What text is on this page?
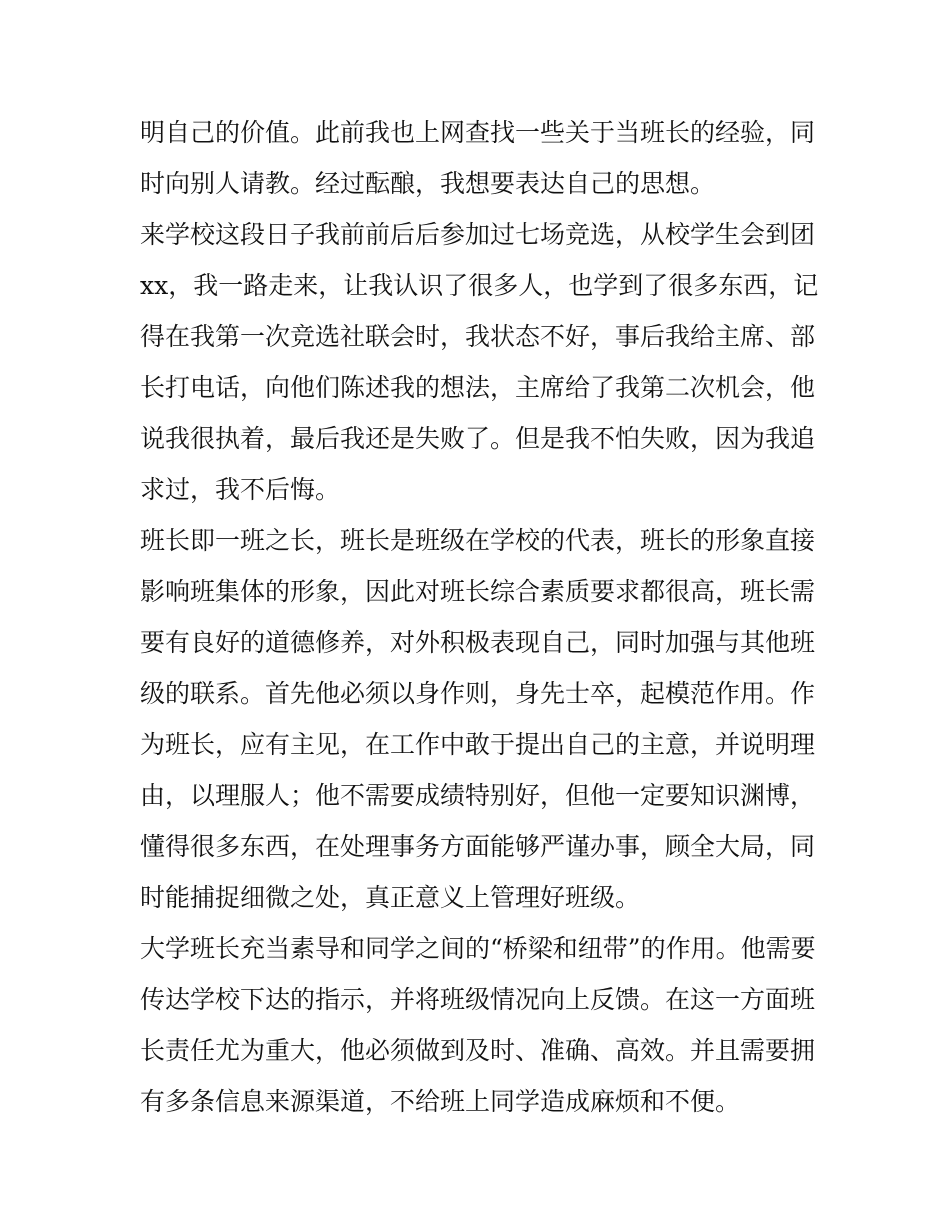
明自己的价值。此前我也上网查找一些关于当班长的经验，同时向别人请教。经过酝酿，我想要表达自己的思想。

来学校这段日子我前前后后参加过七场竞选，从校学生会到团xx，我一路走来，让我认识了很多人，也学到了很多东西，记得在我第一次竞选社联会时，我状态不好，事后我给主席、部长打电话，向他们陈述我的想法，主席给了我第二次机会，他说我很执着，最后我还是失败了。但是我不怕失败，因为我追求过，我不后悔。

班长即一班之长，班长是班级在学校的代表，班长的形象直接影响班集体的形象，因此对班长综合素质要求都很高，班长需要有良好的道德修养，对外积极表现自己，同时加强与其他班级的联系。首先他必须以身作则，身先士卒，起模范作用。作为班长，应有主见，在工作中敢于提出自己的主意，并说明理由，以理服人；他不需要成绩特别好，但他一定要知识渊博，懂得很多东西，在处理事务方面能够严谨办事，顾全大局，同时能捕捉细微之处，真正意义上管理好班级。

大学班长充当素导和同学之间的“桥梁和纽带”的作用。他需要传达学校下达的指示，并将班级情况向上反馈。在这一方面班长责任尤为重大，他必须做到及时、准确、高效。并且需要拥有多条信息来源渠道，不给班上同学造成麻烦和不便。
